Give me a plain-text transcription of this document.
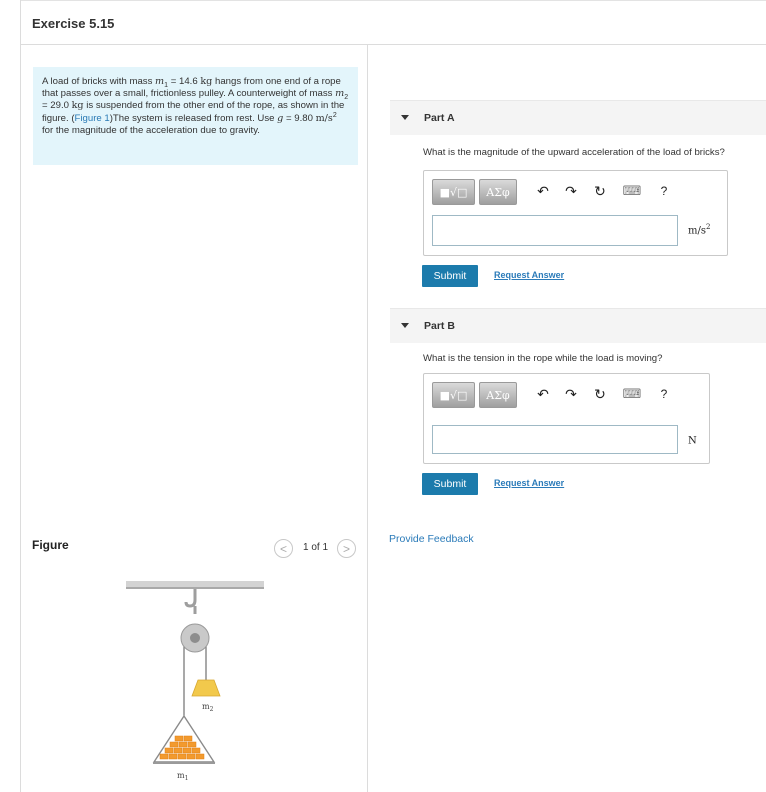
Exercise 5.15
A load of bricks with mass $m_1 = 14.6$ kg hangs from one end of a rope that passes over a small, frictionless pulley. A counterweight of mass $m_2 = 29.0$ kg is suspended from the other end of the rope, as shown in the figure. (Figure 1)The system is released from rest. Use g = 9.80 $m/s^2$ for the magnitude of the acceleration due to gravity.
Figure	< 1 of 1 >
$m_2$
$m_1$
Part A
What is the magnitude of the upward acceleration of the load of bricks?
■√□ ΑΣφ ↶ ↷ ↻	⌨	?
$m/s^2$
Submit	Request Answer
Part B
What is the tension in the rope while the load is moving?
■√□ ΑΣφ ↶ ↷ ↻	⌨	?
N
Submit	Request Answer
Provide Feedback
